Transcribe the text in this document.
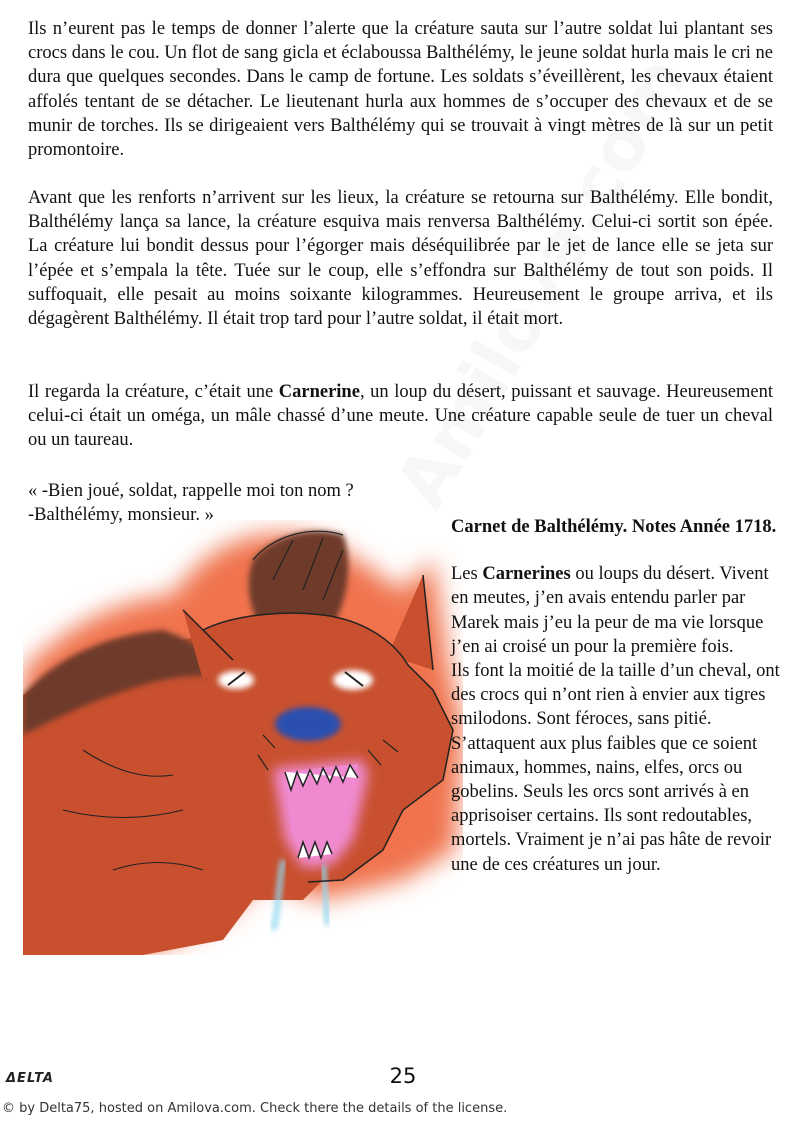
Ils n’eurent pas le temps de donner l’alerte que la créature sauta sur l’autre soldat lui plantant ses crocs dans le cou. Un flot de sang gicla et éclaboussa Balthélémy, le jeune soldat hurla mais le cri ne dura que quelques secondes. Dans le camp de fortune. Les soldats s’éveillèrent, les chevaux étaient affolés tentant de se détacher. Le lieutenant hurla aux hommes de s’occuper des chevaux et de se munir de torches. Ils se dirigeaient vers Balthélémy qui se trouvait à vingt mètres de là sur un petit promontoire.

Avant que les renforts n’arrivent sur les lieux, la créature se retourna sur Balthélémy. Elle bondit, Balthélémy lança sa lance, la créature esquiva mais renversa Balthélémy. Celui-ci sortit son épée. La créature lui bondit dessus pour l’égorger mais déséquilibrée par le jet de lance elle se jeta sur l’épée et s’empala la tête. Tuée sur le coup, elle s’effondra sur Balthélémy de tout son poids. Il suffoquait, elle pesait au moins soixante kilogrammes. Heureusement le groupe arriva, et ils dégagèrent Balthélémy. Il était trop tard pour l’autre soldat, il était mort.

Il regarda la créature, c’était une Carnerine, un loup du désert, puissant et sauvage. Heureusement celui-ci était un oméga, un mâle chassé d’une meute. Une créature capable seule de tuer un cheval ou un taureau.

« -Bien joué, soldat, rappelle moi ton nom ?
-Balthélémy, monsieur. »

Carnet de Balthélémy. Notes Année 1718.

Les Carnerines ou loups du désert. Vivent en meutes, j’en avais entendu parler par Marek mais j’eu la peur de ma vie lorsque j’en ai croisé un pour la première fois.
Ils font la moitié de la taille d’un cheval, ont des crocs qui n’ont rien à envier aux tigres smilodons. Sont féroces, sans pitié. S’attaquent aux plus faibles que ce soient animaux, hommes, nains, elfes, orcs ou gobelins. Seuls les orcs sont arrivés à en apprisoiser certains. Ils sont redoutables, mortels. Vraiment je n’ai pas hâte de revoir une de ces créatures un jour.

ΔELTA	25
© by Delta75, hosted on Amilova.com. Check there the details of the license.
